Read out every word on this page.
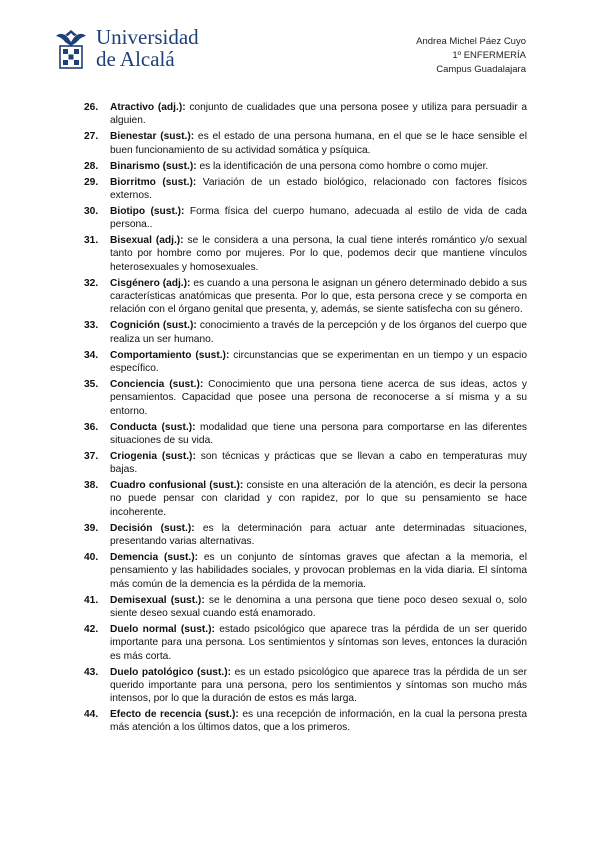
Universidad
de Alcalá
Andrea Michel Páez Cuyo
1º ENFERMERÍA
Campus Guadalajara
26. Atractivo (adj.): conjunto de cualidades que una persona posee y utiliza para persuadir a alguien.
27. Bienestar (sust.): es el estado de una persona humana, en el que se le hace sensible el buen funcionamiento de su actividad somática y psíquica.
28. Binarismo (sust.): es la identificación de una persona como hombre o como mujer.
29. Biorritmo (sust.): Variación de un estado biológico, relacionado con factores físicos externos.
30. Biotipo (sust.): Forma física del cuerpo humano, adecuada al estilo de vida de cada persona..
31. Bisexual (adj.): se le considera a una persona, la cual tiene interés romántico y/o sexual tanto por hombre como por mujeres. Por lo que, podemos decir que mantiene vínculos heterosexuales y homosexuales.
32. Cisgénero (adj.): es cuando a una persona le asignan un género determinado debido a sus características anatómicas que presenta. Por lo que, esta persona crece y se comporta en relación con el órgano genital que presenta, y, además, se siente satisfecha con su género.
33. Cognición (sust.): conocimiento a través de la percepción y de los órganos del cuerpo que realiza un ser humano.
34. Comportamiento (sust.): circunstancias que se experimentan en un tiempo y un espacio específico.
35. Conciencia (sust.): Conocimiento que una persona tiene acerca de sus ideas, actos y pensamientos. Capacidad que posee una persona de reconocerse a sí misma y a su entorno.
36. Conducta (sust.): modalidad que tiene una persona para comportarse en las diferentes situaciones de su vida.
37. Criogenia (sust.): son técnicas y prácticas que se llevan a cabo en temperaturas muy bajas.
38. Cuadro confusional (sust.): consiste en una alteración de la atención, es decir la persona no puede pensar con claridad y con rapidez, por lo que su pensamiento se hace incoherente.
39. Decisión (sust.): es la determinación para actuar ante determinadas situaciones, presentando varias alternativas.
40. Demencia (sust.): es un conjunto de síntomas graves que afectan a la memoria, el pensamiento y las habilidades sociales, y provocan problemas en la vida diaria. El síntoma más común de la demencia es la pérdida de la memoria.
41. Demisexual (sust.): se le denomina a una persona que tiene poco deseo sexual o, solo siente deseo sexual cuando está enamorado.
42. Duelo normal (sust.): estado psicológico que aparece tras la pérdida de un ser querido importante para una persona. Los sentimientos y síntomas son leves, entonces la duración es más corta.
43. Duelo patológico (sust.): es un estado psicológico que aparece tras la pérdida de un ser querido importante para una persona, pero los sentimientos y síntomas son mucho más intensos, por lo que la duración de estos es más larga.
44. Efecto de recencia (sust.): es una recepción de información, en la cual la persona presta más atención a los últimos datos, que a los primeros.
